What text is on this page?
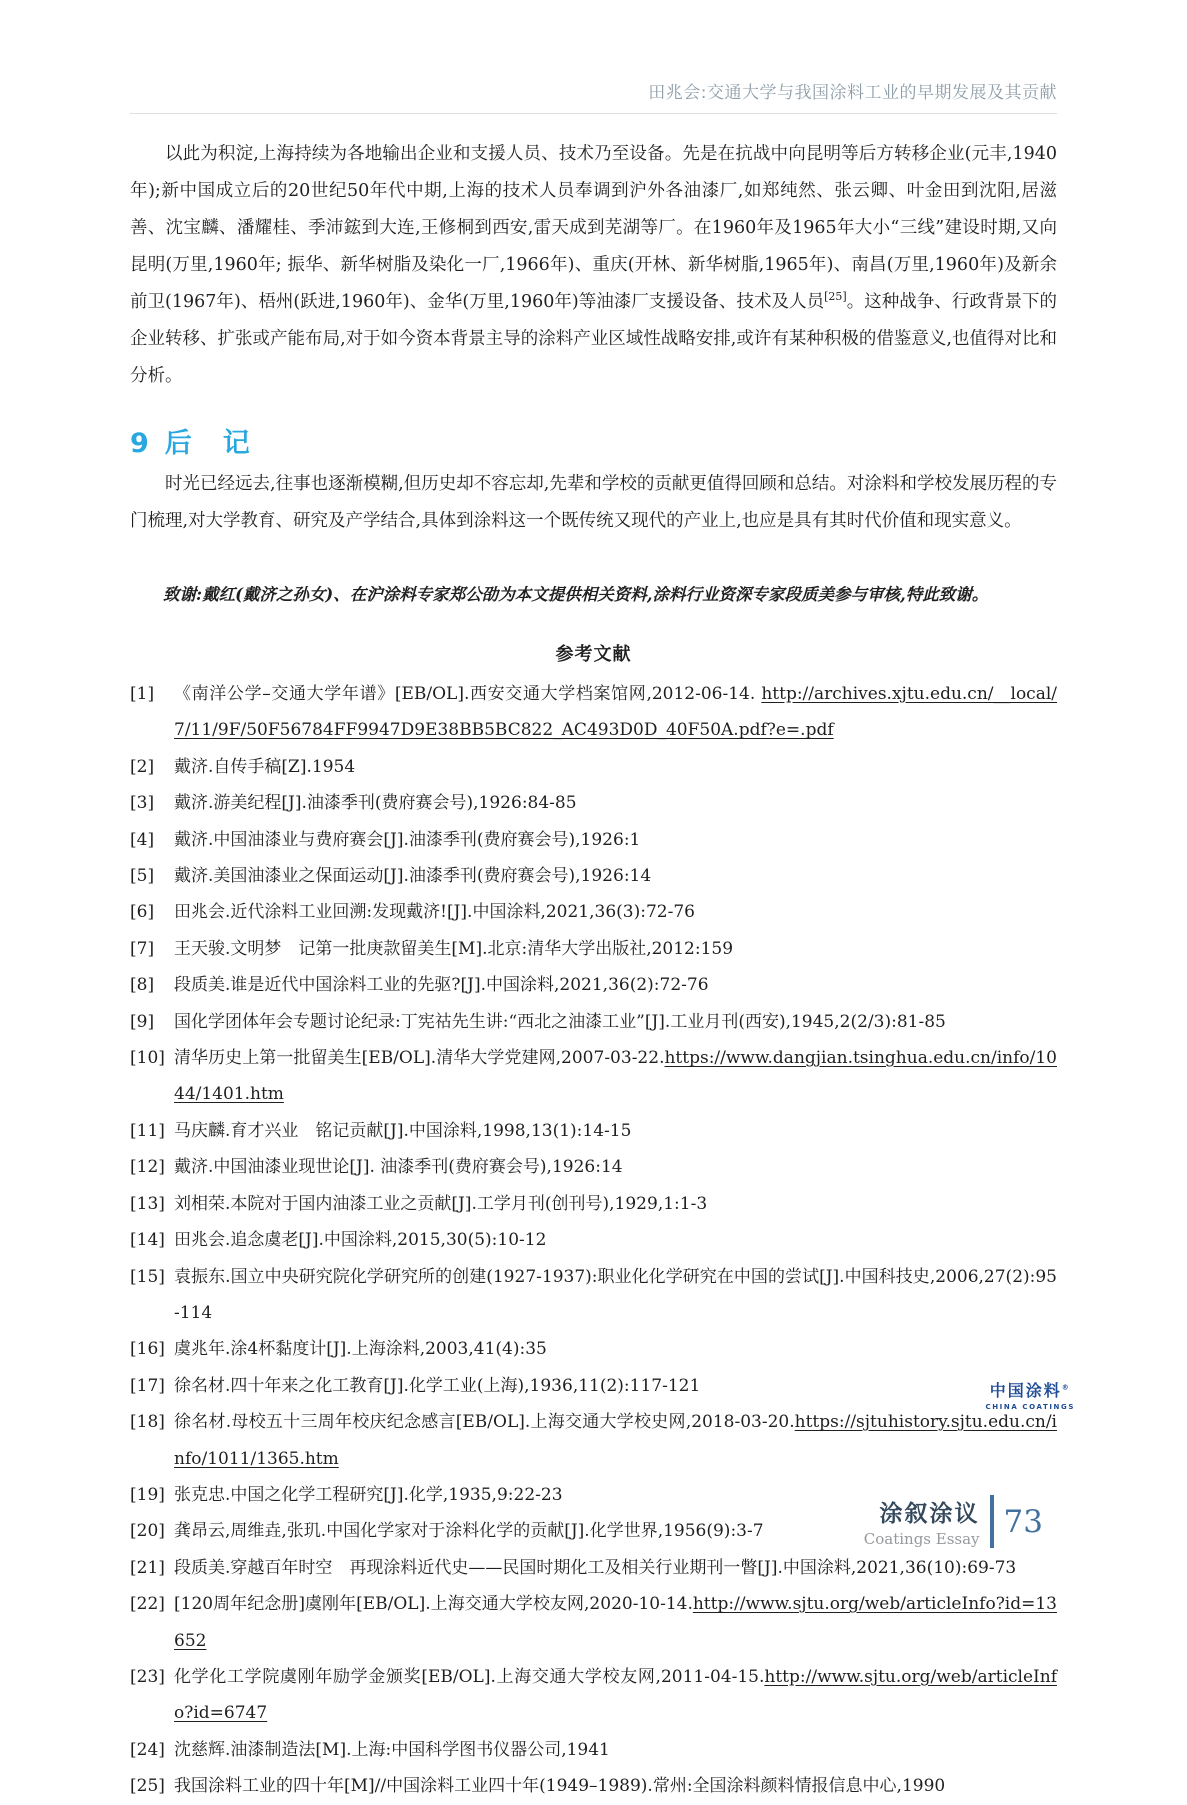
田兆会:交通大学与我国涂料工业的早期发展及其贡献

以此为积淀,上海持续为各地输出企业和支援人员、技术乃至设备。先是在抗战中向昆明等后方转移企业(元丰,1940年);新中国成立后的20世纪50年代中期,上海的技术人员奉调到沪外各油漆厂,如郑纯然、张云卿、叶金田到沈阳,居滋善、沈宝麟、潘耀桂、季沛鋐到大连,王修桐到西安,雷天成到芜湖等厂。在1960年及1965年大小“三线”建设时期,又向昆明(万里,1960年; 振华、新华树脂及染化一厂,1966年)、重庆(开林、新华树脂,1965年)、南昌(万里,1960年)及新余前卫(1967年)、梧州(跃进,1960年)、金华(万里,1960年)等油漆厂支援设备、技术及人员[25]。这种战争、行政背景下的企业转移、扩张或产能布局,对于如今资本背景主导的涂料产业区域性战略安排,或许有某种积极的借鉴意义,也值得对比和分析。

9 后　记

时光已经远去,往事也逐渐模糊,但历史却不容忘却,先辈和学校的贡献更值得回顾和总结。对涂料和学校发展历程的专门梳理,对大学教育、研究及产学结合,具体到涂料这一个既传统又现代的产业上,也应是具有其时代价值和现实意义。

致谢:戴红(戴济之孙女)、在沪涂料专家郑公劭为本文提供相关资料,涂料行业资深专家段质美参与审核,特此致谢。

参考文献
[1]	《南洋公学–交通大学年谱》[EB/OL].西安交通大学档案馆网,2012-06-14. http://archives.xjtu.edu.cn/__local/7/11/9F/50F56784FF9947D9E38BB5BC822_AC493D0D_40F50A.pdf?e=.pdf
[2]	戴济.自传手稿[Z].1954
[3]	戴济.游美纪程[J].油漆季刊(费府赛会号),1926:84-85
[4]	戴济.中国油漆业与费府赛会[J].油漆季刊(费府赛会号),1926:1
[5]	戴济.美国油漆业之保面运动[J].油漆季刊(费府赛会号),1926:14
[6]	田兆会.近代涂料工业回溯:发现戴济![J].中国涂料,2021,36(3):72-76
[7]	王天骏.文明梦　记第一批庚款留美生[M].北京:清华大学出版社,2012:159
[8]	段质美.谁是近代中国涂料工业的先驱?[J].中国涂料,2021,36(2):72-76
[9]	国化学团体年会专题讨论纪录:丁宪祜先生讲:“西北之油漆工业”[J].工业月刊(西安),1945,2(2/3):81-85
[10] 清华历史上第一批留美生[EB/OL].清华大学党建网,2007-03-22.https://www.dangjian.tsinghua.edu.cn/info/1044/1401.htm
[11] 马庆麟.育才兴业　铭记贡献[J].中国涂料,1998,13(1):14-15
[12] 戴济.中国油漆业现世论[J]. 油漆季刊(费府赛会号),1926:14
[13] 刘相荣.本院对于国内油漆工业之贡献[J].工学月刊(创刊号),1929,1:1-3
[14] 田兆会.追念虞老[J].中国涂料,2015,30(5):10-12
[15] 袁振东.国立中央研究院化学研究所的创建(1927-1937):职业化化学研究在中国的尝试[J].中国科技史,2006,27(2):95-114
[16] 虞兆年.涂4杯黏度计[J].上海涂料,2003,41(4):35
[17] 徐名材.四十年来之化工教育[J].化学工业(上海),1936,11(2):117-121
[18] 徐名材.母校五十三周年校庆纪念感言[EB/OL].上海交通大学校史网,2018-03-20.https://sjtuhistory.sjtu.edu.cn/info/1011/1365.htm
[19] 张克忠.中国之化学工程研究[J].化学,1935,9:22-23
[20] 龚昂云,周维垚,张玑.中国化学家对于涂料化学的贡献[J].化学世界,1956(9):3-7
[21] 段质美.穿越百年时空　再现涂料近代史——民国时期化工及相关行业期刊一瞥[J].中国涂料,2021,36(10):69-73
[22] [120周年纪念册]虞刚年[EB/OL].上海交通大学校友网,2020-10-14.http://www.sjtu.org/web/articleInfo?id=13652
[23] 化学化工学院虞刚年励学金颁奖[EB/OL].上海交通大学校友网,2011-04-15.http://www.sjtu.org/web/articleInfo?id=6747
[24] 沈慈辉.油漆制造法[M].上海:中国科学图书仪器公司,1941
[25] 我国涂料工业的四十年[M]//中国涂料工业四十年(1949–1989).常州:全国涂料颜料情报信息中心,1990
中国涂料®
CHINA COATINGS
涂叙涂议
Coatings Essay 73
